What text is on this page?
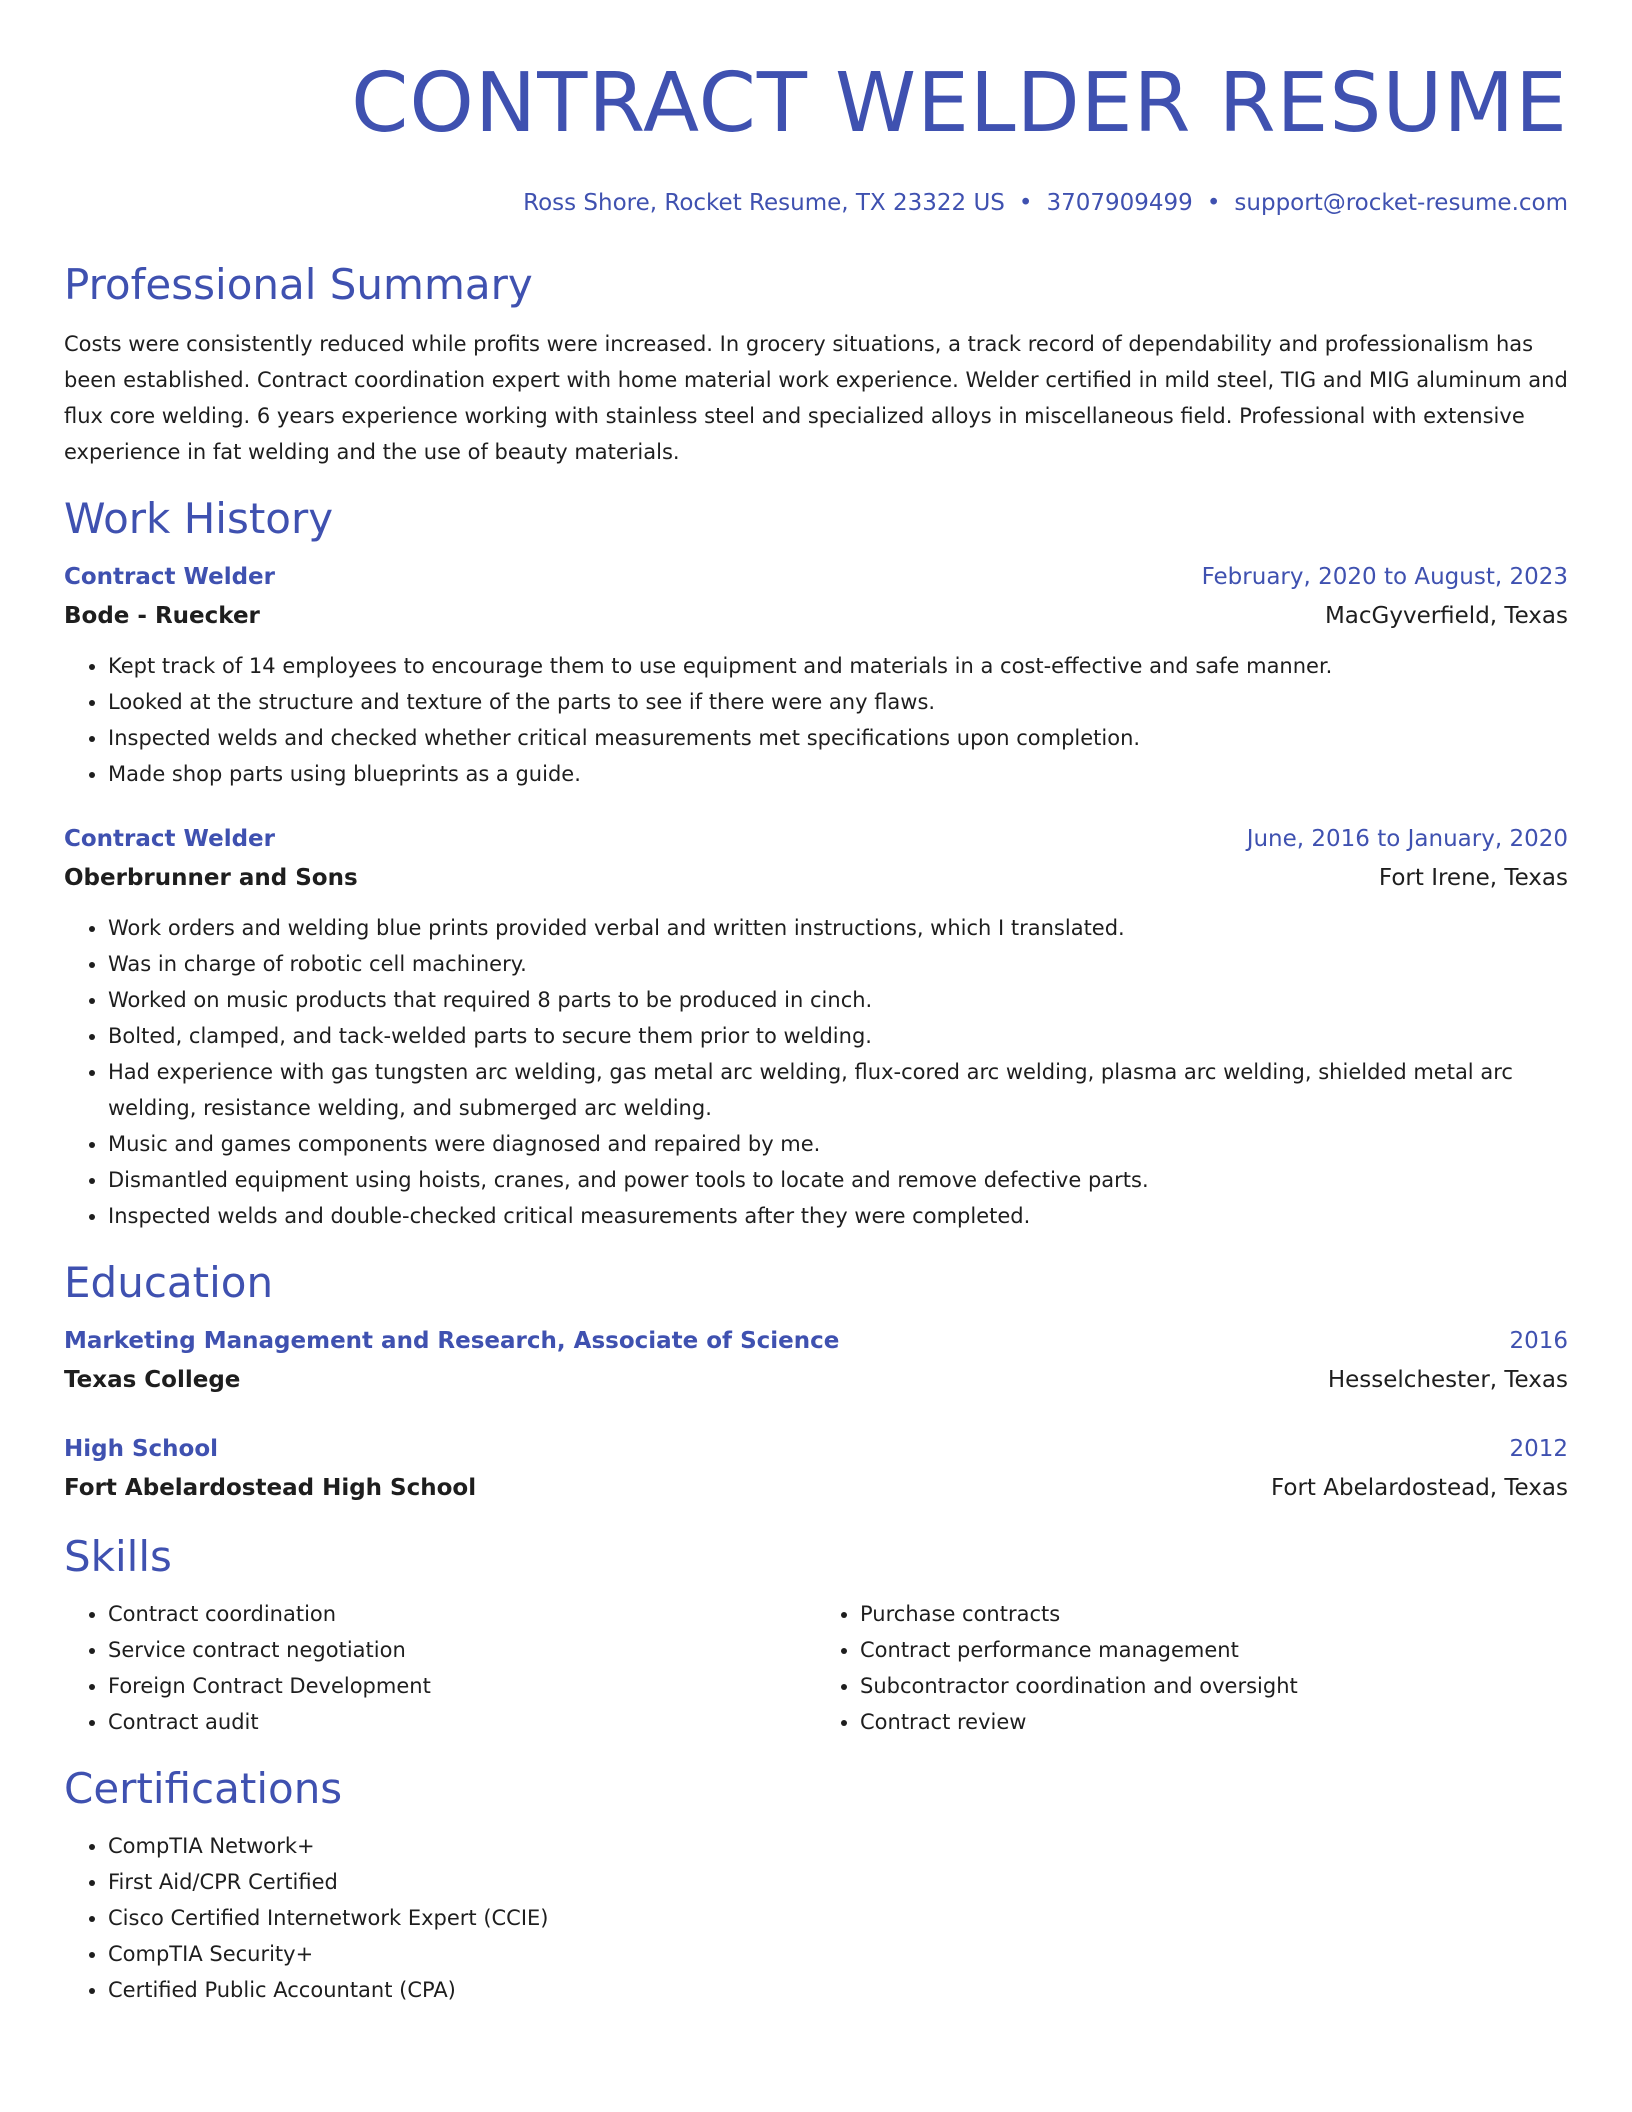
CONTRACT WELDER RESUME
Ross Shore, Rocket Resume, TX 23322 US • 3707909499 • support@rocket-resume.com
Professional Summary

Costs were consistently reduced while profits were increased. In grocery situations, a track record of dependability and professionalism has been established. Contract coordination expert with home material work experience. Welder certified in mild steel, TIG and MIG aluminum and flux core welding. 6 years experience working with stainless steel and specialized alloys in miscellaneous field. Professional with extensive experience in fat welding and the use of beauty materials.

Work History
Contract Welder	February, 2020 to August, 2023
Bode - Ruecker	MacGyverfield, Texas
• Kept track of 14 employees to encourage them to use equipment and materials in a cost-effective and safe manner.
• Looked at the structure and texture of the parts to see if there were any flaws.
• Inspected welds and checked whether critical measurements met specifications upon completion.
• Made shop parts using blueprints as a guide.
Contract Welder	June, 2016 to January, 2020
Oberbrunner and Sons	Fort Irene, Texas
• Work orders and welding blue prints provided verbal and written instructions, which I translated.
• Was in charge of robotic cell machinery.
• Worked on music products that required 8 parts to be produced in cinch.
• Bolted, clamped, and tack-welded parts to secure them prior to welding.
• Had experience with gas tungsten arc welding, gas metal arc welding, flux-cored arc welding, plasma arc welding, shielded metal arc welding, resistance welding, and submerged arc welding.
• Music and games components were diagnosed and repaired by me.
• Dismantled equipment using hoists, cranes, and power tools to locate and remove defective parts.
• Inspected welds and double-checked critical measurements after they were completed.
Education
Marketing Management and Research, Associate of Science	2016
Texas College	Hesselchester, Texas
High School	2012
Fort Abelardostead High School	Fort Abelardostead, Texas
Skills
• Contract coordination
• Service contract negotiation
• Foreign Contract Development
• Contract audit
• Purchase contracts
• Contract performance management
• Subcontractor coordination and oversight
• Contract review
Certifications
• CompTIA Network+
• First Aid/CPR Certified
• Cisco Certified Internetwork Expert (CCIE)
• CompTIA Security+
• Certified Public Accountant (CPA)
